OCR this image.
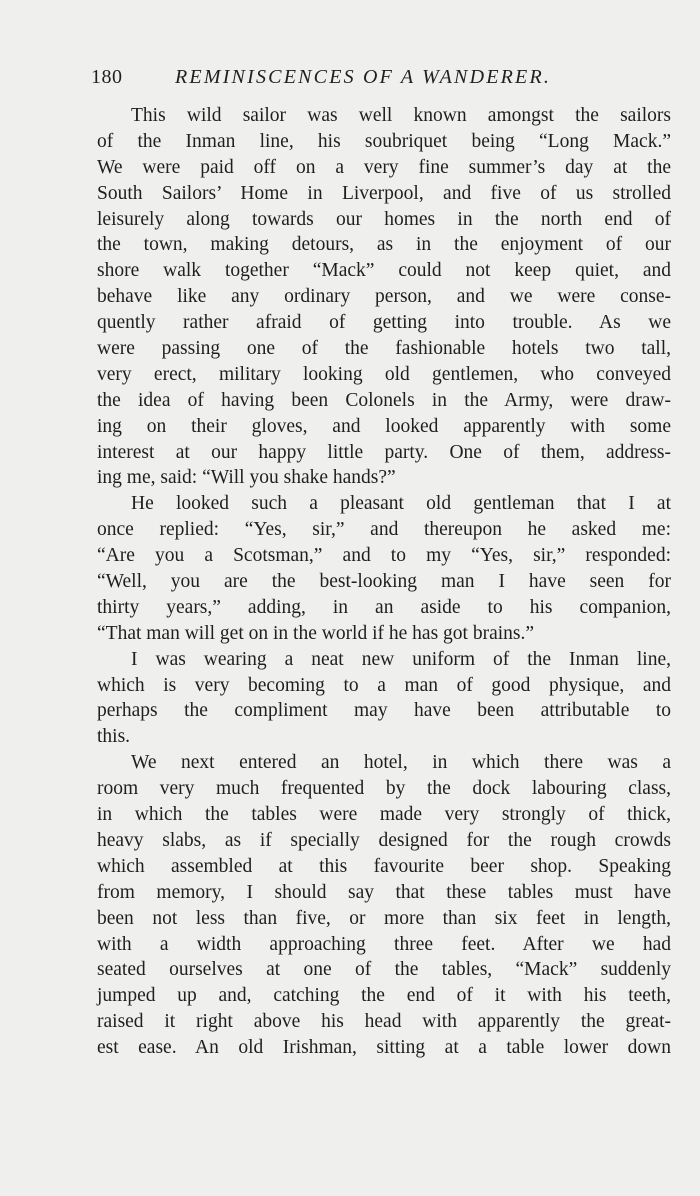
180	REMINISCENCES OF A WANDERER.
This wild sailor was well known amongst the sailors
of the Inman line, his soubriquet being “Long Mack.”
We were paid off on a very fine summer’s day at the
South Sailors’ Home in Liverpool, and five of us strolled
leisurely along towards our homes in the north end of
the town, making detours, as in the enjoyment of our
shore walk together “Mack” could not keep quiet, and
behave like any ordinary person, and we were conse-
quently rather afraid of getting into trouble. As we
were passing one of the fashionable hotels two tall,
very erect, military looking old gentlemen, who conveyed
the idea of having been Colonels in the Army, were draw-
ing on their gloves, and looked apparently with some
interest at our happy little party. One of them, address-
ing me, said: “Will you shake hands?”
He looked such a pleasant old gentleman that I at
once replied: “Yes, sir,” and thereupon he asked me:
“Are you a Scotsman,” and to my “Yes, sir,” responded:
“Well, you are the best-looking man I have seen for
thirty years,” adding, in an aside to his companion,
“That man will get on in the world if he has got brains.”
I was wearing a neat new uniform of the Inman line,
which is very becoming to a man of good physique, and
perhaps the compliment may have been attributable to
this.
We next entered an hotel, in which there was a
room very much frequented by the dock labouring class,
in which the tables were made very strongly of thick,
heavy slabs, as if specially designed for the rough crowds
which assembled at this favourite beer shop. Speaking
from memory, I should say that these tables must have
been not less than five, or more than six feet in length,
with a width approaching three feet. After we had
seated ourselves at one of the tables, “Mack” suddenly
jumped up and, catching the end of it with his teeth,
raised it right above his head with apparently the great-
est ease. An old Irishman, sitting at a table lower down
